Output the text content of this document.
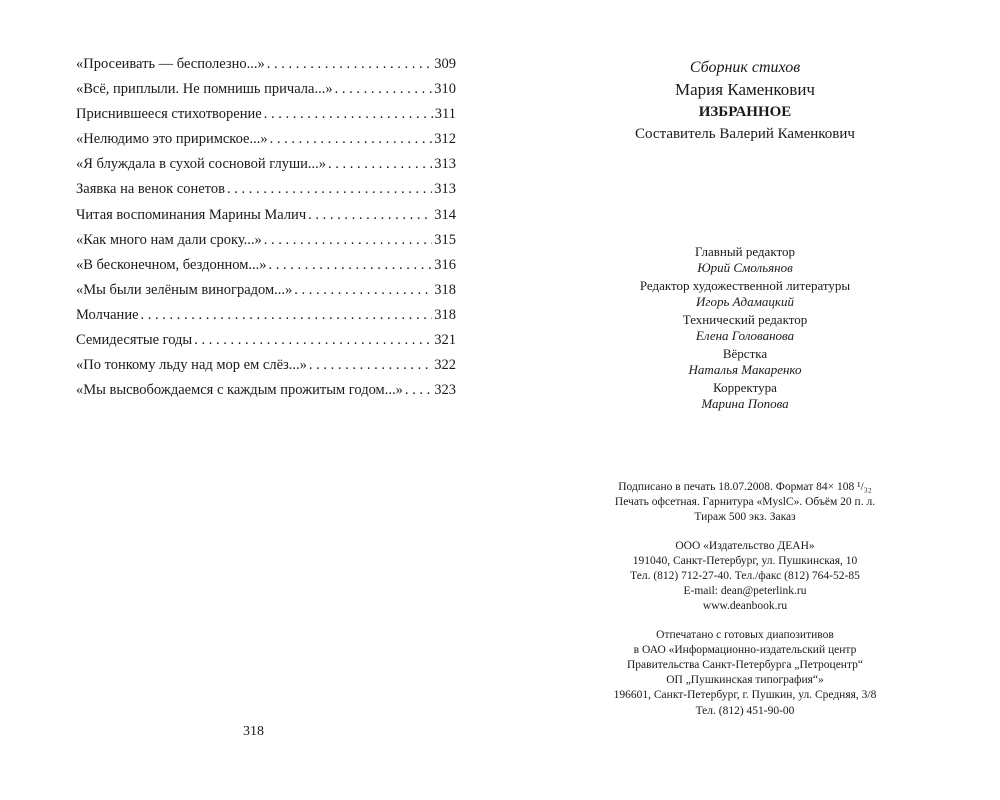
«Просеивать — бесполезно...» . . .	309
«Всё, приплыли. Не помнишь причала...» . . .	310
Приснившееся стихотворение . . .	311
«Нелюдимо это приримское...» . . .	312
«Я блуждала в сухой сосновой глуши...» . . .	313
Заявка на венок сонетов . . .	313
Читая воспоминания Марины Малич . . .	314
«Как много нам дали сроку...» . . .	315
«В бесконечном, бездонном...» . . .	316
«Мы были зелёным виноградом...» . . .	318
Молчание . . .	318
Семидесятые годы . . .	321
«По тонкому льду над мор ем слёз...» . . .	322
«Мы высвобождаемся с каждым прожитым годом...» . . . 323
318
Сборник стихов
Мария Каменкович
ИЗБРАННОЕ
Составитель Валерий Каменкович
Главный редактор
Юрий Смольянов
Редактор художественной литературы
Игорь Адамацкий
Технический редактор
Елена Голованова
Вёрстка
Наталья Макаренко
Корректура
Марина Попова
Подписано в печать 18.07.2008. Формат 84× 108 ¹/₃₂
Печать офсетная. Гарнитура «MyslC». Объём 20 п. л.
Тираж 500 экз. Заказ
ООО «Издательство ДЕАН»
191040, Санкт-Петербург, ул. Пушкинская, 10
Тел. (812) 712-27-40. Тел./факс (812) 764-52-85
E-mail: dean@peterlink.ru
www.deanbook.ru
Отпечатано с готовых диапозитивов
в ОАО «Информационно-издательский центр
Правительства Санкт-Петербурга „Петроцентр“
ОП „Пушкинская типография“»
196601, Санкт-Петербург, г. Пушкин, ул. Средняя, 3/8
Тел. (812) 451-90-00
